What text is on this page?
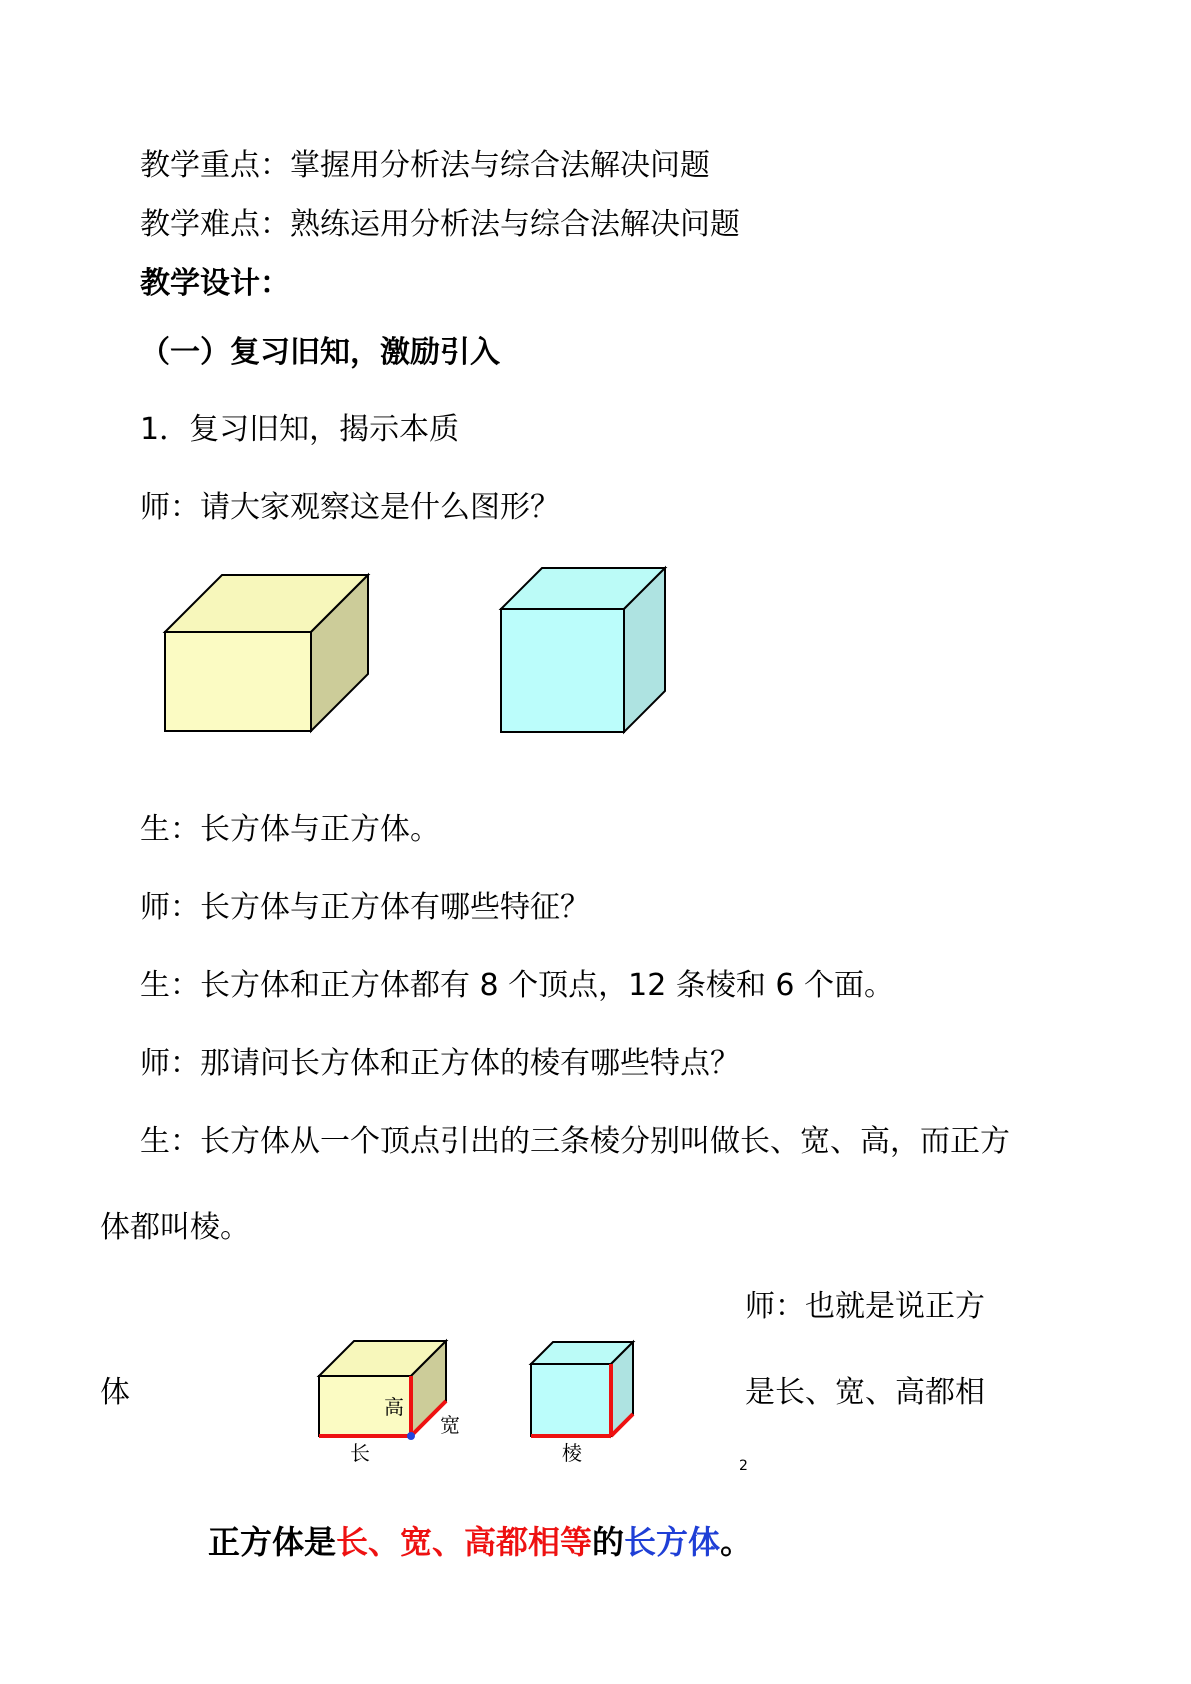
教学重点：掌握用分析法与综合法解决问题
教学难点：熟练运用分析法与综合法解决问题
教学设计：
（一）复习旧知，激励引入
1．复习旧知，揭示本质
师：请大家观察这是什么图形？
生：长方体与正方体。
师：长方体与正方体有哪些特征？
生：长方体和正方体都有 8 个顶点，12 条棱和 6 个面。
师：那请问长方体和正方体的棱有哪些特点？
生：长方体从一个顶点引出的三条棱分别叫做长、宽、高，而正方
体都叫棱。
师：也就是说正方
体	是长、宽、高都相
高
宽
长	棱
2
正方体是长、宽、高都相等的长方体。
